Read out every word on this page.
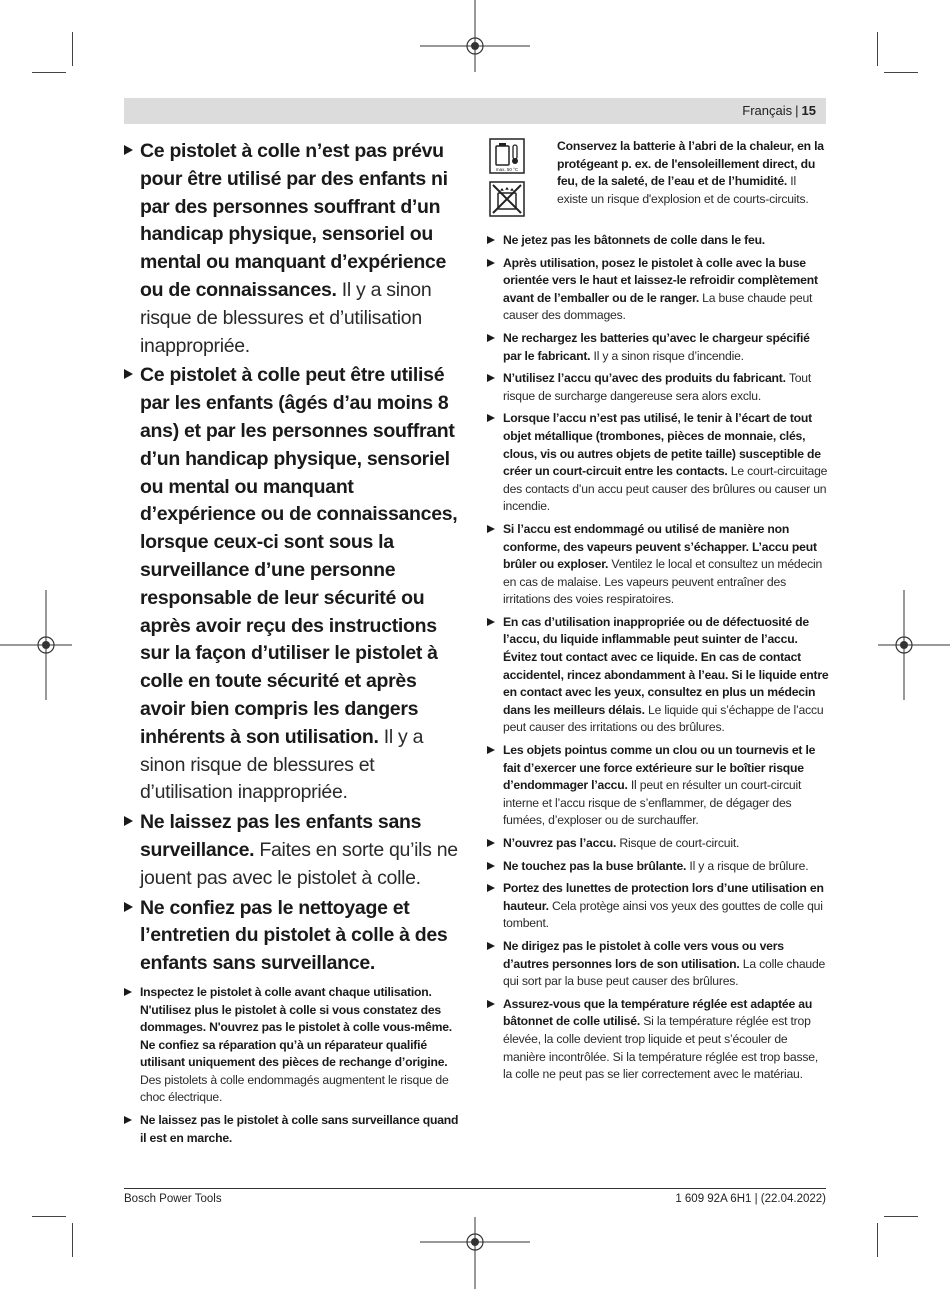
Français | 15
Ce pistolet à colle n’est pas prévu pour être utilisé par des enfants ni par des personnes souffrant d’un handicap physique, sensoriel ou mental ou manquant d’expérience ou de connaissances. Il y a sinon risque de blessures et d’utilisation inappropriée.
Ce pistolet à colle peut être utilisé par les enfants (âgés d’au moins 8 ans) et par les personnes souffrant d’un handicap physique, sensoriel ou mental ou manquant d’expérience ou de connaissances, lorsque ceux-ci sont sous la surveillance d’une personne responsable de leur sécurité ou après avoir reçu des instructions sur la façon d’utiliser le pistolet à colle en toute sécurité et après avoir bien compris les dangers inhérents à son utilisation. Il y a sinon risque de blessures et d’utilisation inappropriée.
Ne laissez pas les enfants sans surveillance. Faites en sorte qu’ils ne jouent pas avec le pistolet à colle.
Ne confiez pas le nettoyage et l’entretien du pistolet à colle à des enfants sans surveillance.
Inspectez le pistolet à colle avant chaque utilisation. N'utilisez plus le pistolet à colle si vous constatez des dommages. N'ouvrez pas le pistolet à colle vous-même. Ne confiez sa réparation qu’à un réparateur qualifié utilisant uniquement des pièces de rechange d’origine. Des pistolets à colle endommagés augmentent le risque de choc électrique.
Ne laissez pas le pistolet à colle sans surveillance quand il est en marche.
max. 50 °C

Conservez la batterie à l’abri de la chaleur, en la protégeant p. ex. de l'ensoleillement direct, du feu, de la saleté, de l’eau et de l’humidité. Il existe un risque d'explosion et de courts-circuits.
Ne jetez pas les bâtonnets de colle dans le feu.
Après utilisation, posez le pistolet à colle avec la buse orientée vers le haut et laissez-le refroidir complètement avant de l’emballer ou de le ranger. La buse chaude peut causer des dommages.
Ne rechargez les batteries qu’avec le chargeur spécifié par le fabricant. Il y a sinon risque d’incendie.
N’utilisez l’accu qu’avec des produits du fabricant. Tout risque de surcharge dangereuse sera alors exclu.
Lorsque l’accu n’est pas utilisé, le tenir à l’écart de tout objet métallique (trombones, pièces de monnaie, clés, clous, vis ou autres objets de petite taille) susceptible de créer un court-circuit entre les contacts. Le court-circuitage des contacts d’un accu peut causer des brûlures ou causer un incendie.
Si l’accu est endommagé ou utilisé de manière non conforme, des vapeurs peuvent s’échapper. L’accu peut brûler ou exploser. Ventilez le local et consultez un médecin en cas de malaise. Les vapeurs peuvent entraîner des irritations des voies respiratoires.
En cas d’utilisation inappropriée ou de défectuosité de l’accu, du liquide inflammable peut suinter de l’accu. Évitez tout contact avec ce liquide. En cas de contact accidentel, rincez abondamment à l’eau. Si le liquide entre en contact avec les yeux, consultez en plus un médecin dans les meilleurs délais. Le liquide qui s’échappe de l’accu peut causer des irritations ou des brûlures.
Les objets pointus comme un clou ou un tournevis et le fait d’exercer une force extérieure sur le boîtier risque d’endommager l’accu. Il peut en résulter un court-circuit interne et l’accu risque de s’enflammer, de dégager des fumées, d’exploser ou de surchauffer.
N’ouvrez pas l’accu. Risque de court-circuit.
Ne touchez pas la buse brûlante. Il y a risque de brûlure.
Portez des lunettes de protection lors d’une utilisation en hauteur. Cela protège ainsi vos yeux des gouttes de colle qui tombent.
Ne dirigez pas le pistolet à colle vers vous ou vers d’autres personnes lors de son utilisation. La colle chaude qui sort par la buse peut causer des brûlures.
Assurez-vous que la température réglée est adaptée au bâtonnet de colle utilisé. Si la température réglée est trop élevée, la colle devient trop liquide et peut s’écouler de manière incontrôlée. Si la température réglée est trop basse, la colle ne peut pas se lier correctement avec le matériau.
Bosch Power Tools	1 609 92A 6H1 | (22.04.2022)
